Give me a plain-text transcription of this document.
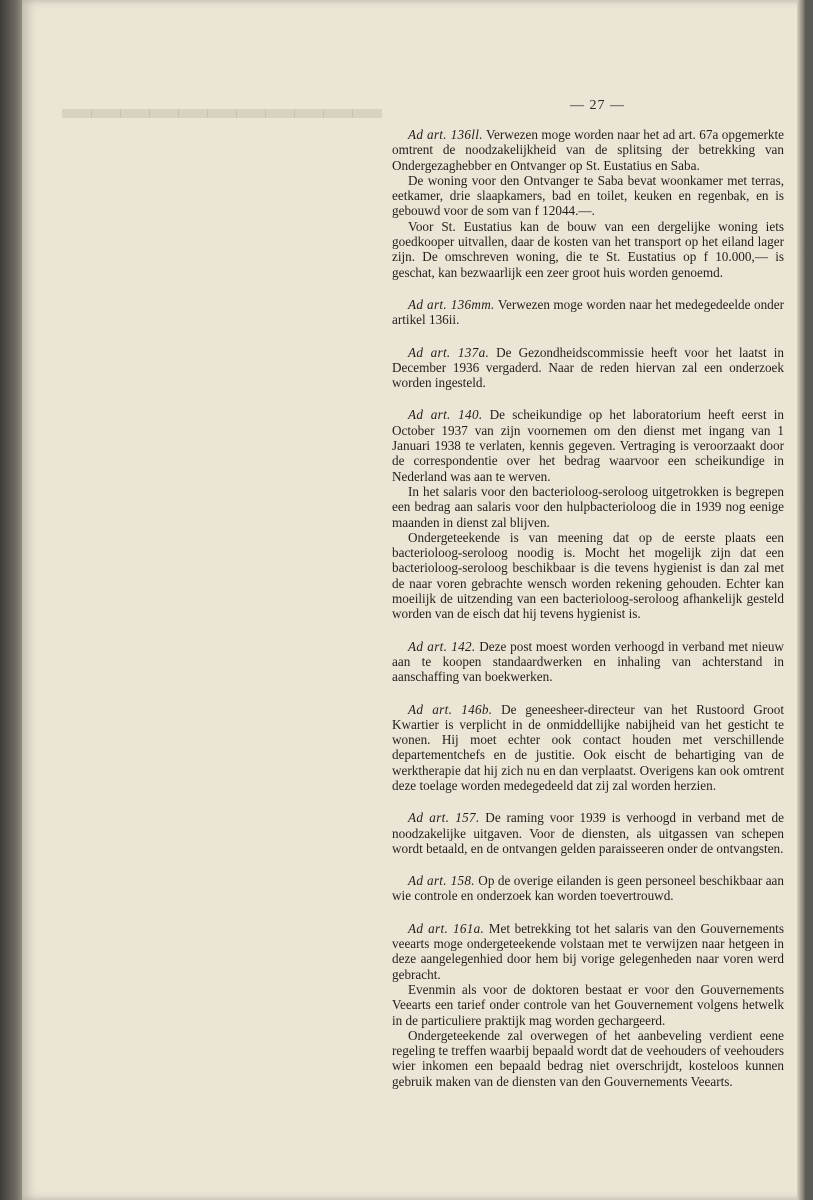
▬▬▬▬▬▬▬▬▬▬▬	— 27 —

Ad art. 136ll. Verwezen moge worden naar het ad art. 67a opgemerkte omtrent de noodzakelijkheid van de splitsing der betrekking van Ondergezaghebber en Ontvanger op St. Eustatius en Saba.

De woning voor den Ontvanger te Saba bevat woonkamer met terras, eetkamer, drie slaapkamers, bad en toilet, keuken en regenbak, en is gebouwd voor de som van f 12044.—.

Voor St. Eustatius kan de bouw van een dergelijke woning iets goedkooper uitvallen, daar de kosten van het transport op het eiland lager zijn. De omschreven woning, die te St. Eustatius op f 10.000,— is geschat, kan bezwaarlijk een zeer groot huis worden genoemd.

Ad art. 136mm. Verwezen moge worden naar het medegedeelde onder artikel 136ii.

Ad art. 137a. De Gezondheidscommissie heeft voor het laatst in December 1936 vergaderd. Naar de reden hiervan zal een onderzoek worden ingesteld.

Ad art. 140. De scheikundige op het laboratorium heeft eerst in October 1937 van zijn voornemen om den dienst met ingang van 1 Januari 1938 te verlaten, kennis gegeven. Vertraging is veroorzaakt door de correspondentie over het bedrag waarvoor een scheikundige in Nederland was aan te werven.

In het salaris voor den bacterioloog-seroloog uitgetrokken is begrepen een bedrag aan salaris voor den hulpbacterioloog die in 1939 nog eenige maanden in dienst zal blijven.

Ondergeteekende is van meening dat op de eerste plaats een bacterioloog-seroloog noodig is. Mocht het mogelijk zijn dat een bacterioloog-seroloog beschikbaar is die tevens hygienist is dan zal met de naar voren gebrachte wensch worden rekening gehouden. Echter kan moeilijk de uitzending van een bacterioloog-seroloog afhankelijk gesteld worden van de eisch dat hij tevens hygienist is.

Ad art. 142. Deze post moest worden verhoogd in verband met nieuw aan te koopen standaardwerken en inhaling van achterstand in aanschaffing van boekwerken.

Ad art. 146b. De geneesheer-directeur van het Rustoord Groot Kwartier is verplicht in de onmiddellijke nabijheid van het gesticht te wonen. Hij moet echter ook contact houden met verschillende departementchefs en de justitie. Ook eischt de behartiging van de werktherapie dat hij zich nu en dan verplaatst. Overigens kan ook omtrent deze toelage worden medegedeeld dat zij zal worden herzien.

Ad art. 157. De raming voor 1939 is verhoogd in verband met de noodzakelijke uitgaven. Voor de diensten, als uitgassen van schepen wordt betaald, en de ontvangen gelden paraisseeren onder de ontvangsten.

Ad art. 158. Op de overige eilanden is geen personeel beschikbaar aan wie controle en onderzoek kan worden toevertrouwd.

Ad art. 161a. Met betrekking tot het salaris van den Gouvernements veearts moge ondergeteekende volstaan met te verwijzen naar hetgeen in deze aangelegenhied door hem bij vorige gelegenheden naar voren werd gebracht.

Evenmin als voor de doktoren bestaat er voor den Gouvernements Veearts een tarief onder controle van het Gouvernement volgens hetwelk in de particuliere praktijk mag worden gechargeerd.

Ondergeteekende zal overwegen of het aanbeveling verdient eene regeling te treffen waarbij bepaald wordt dat de veehouders of veehouders wier inkomen een bepaald bedrag niet overschrijdt, kosteloos kunnen gebruik maken van de diensten van den Gouvernements Veearts.
